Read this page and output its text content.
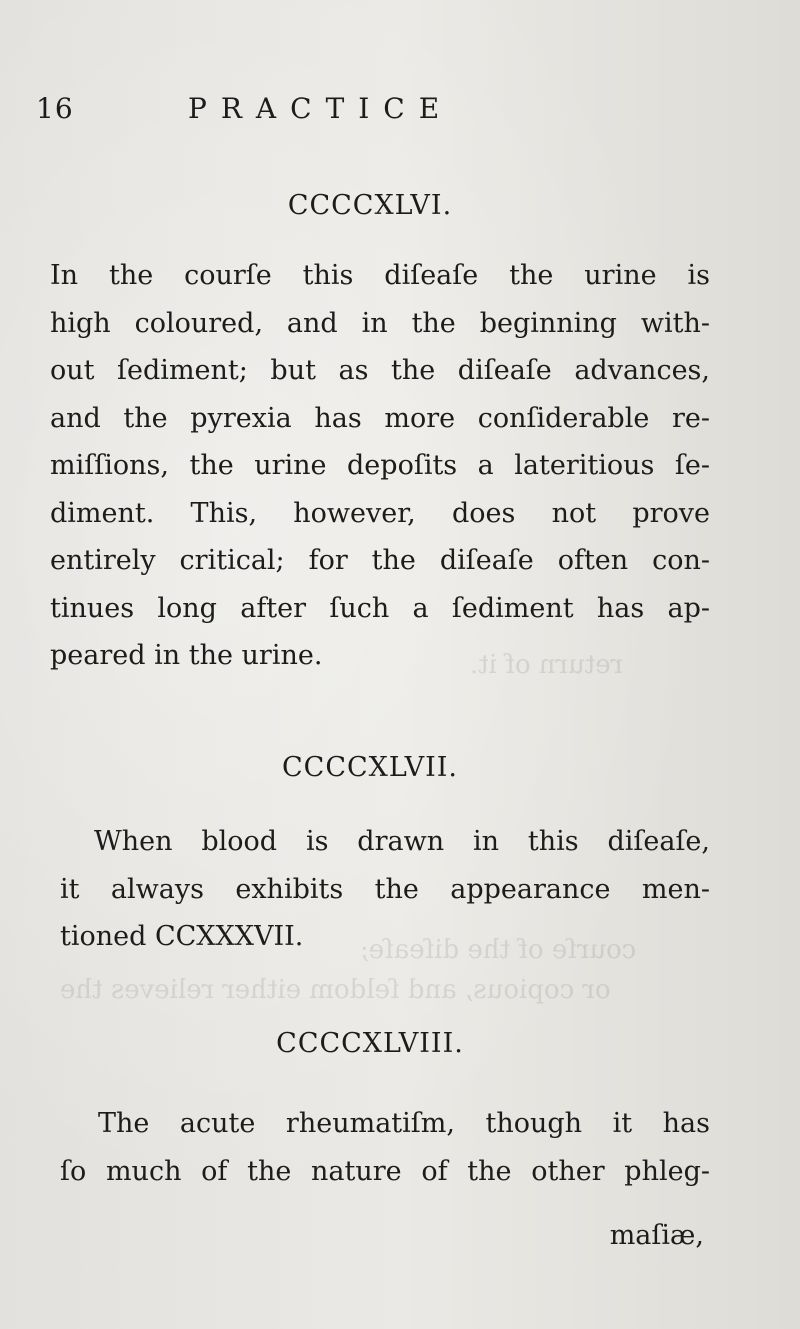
return of it.
courſe of the diſeaſe;
or copious, and ſeldom either relieves the
16	PRACTICE
CCCCXLVI.
In the courſe this diſeaſe the urine is
high coloured, and in the beginning with-
out ſediment; but as the diſeaſe advances,
and the pyrexia has more conſiderable re-
miſſions, the urine depoſits a lateritious ſe-
diment. This, however, does not prove
entirely critical; for the diſeaſe often con-
tinues long after ſuch a ſediment has ap-
peared in the urine.
CCCCXLVII.
When blood is drawn in this diſeaſe,
it always exhibits the appearance men-
tioned CCXXXVII.
CCCCXLVIII.
The acute rheumatiſm, though it has
ſo much of the nature of the other phleg-
maſiæ,
